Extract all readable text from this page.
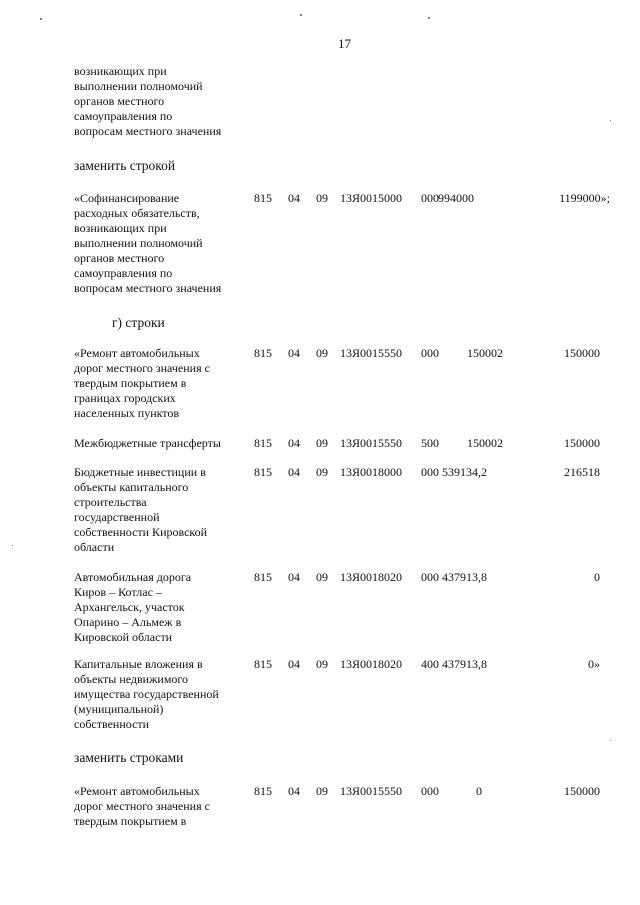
17
возникающих при
выполнении полномочий
органов местного
самоуправления по
вопросам местного значения
заменить строкой
«Софинансирование
расходных обязательств,
возникающих при
выполнении полномочий
органов местного
самоуправления по
вопросам местного значения
815 04 09 13Я0015000 000 994000	1199000»;
г) строки
«Ремонт автомобильных
дорог местного значения с
твердым покрытием в
границах городских
населенных пунктов
815 04 09 13Я0015550 000	150002	150000
Межбюджетные трансферты	815 04 09 13Я0015550 500	150002	150000
Бюджетные инвестиции в
объекты капитального
строительства
государственной
собственности Кировской
области
815 04 09 13Я0018000 000 539134,2	216518
Автомобильная дорога
Киров – Котлас –
Архангельск, участок
Опарино – Альмеж в
Кировской области
815 04 09 13Я0018020 000 437913,8	0
Капитальные вложения в
объекты недвижимого
имущества государственной
(муниципальной)
собственности
815 04 09 13Я0018020 400 437913,8	0»
заменить строками
«Ремонт автомобильных
дорог местного значения с
твердым покрытием в
815 04 09 13Я0015550 000	0	150000
